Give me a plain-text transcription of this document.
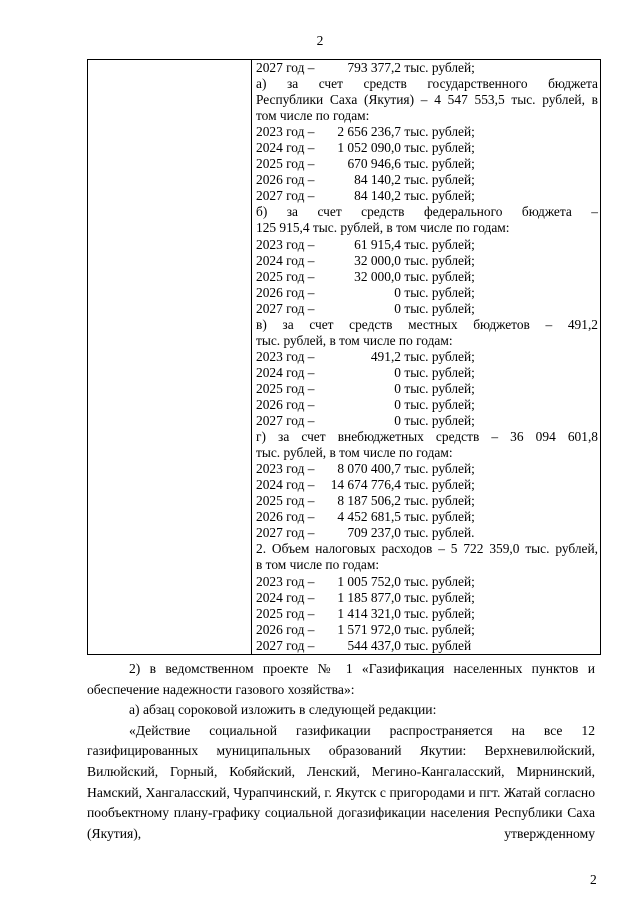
2

2027 год – 793 377,2 тыс. рублей;
а) за счет средств государственного бюджета
Республики Саха (Якутия) – 4 547 553,5 тыс. рублей, в
том числе по годам:
2023 год – 2 656 236,7 тыс. рублей;
2024 год – 1 052 090,0 тыс. рублей;
2025 год – 670 946,6 тыс. рублей;
2026 год –	84 140,2 тыс. рублей;
2027 год –	84 140,2 тыс. рублей;
б) за счет средств федерального бюджета –
125 915,4 тыс. рублей, в том числе по годам:
2023 год –	61 915,4 тыс. рублей;
2024 год –	32 000,0 тыс. рублей;
2025 год –	32 000,0 тыс. рублей;
2026 год –	0 тыс. рублей;
2027 год –	0 тыс. рублей;
в) за счет средств местных бюджетов – 491,2
тыс. рублей, в том числе по годам:
2023 год –	491,2 тыс. рублей;
2024 год –	0 тыс. рублей;
2025 год –	0 тыс. рублей;
2026 год –	0 тыс. рублей;
2027 год –	0 тыс. рублей;
г) за счет внебюджетных средств – 36 094 601,8
тыс. рублей, в том числе по годам:
2023 год – 8 070 400,7 тыс. рублей;
2024 год – 14 674 776,4 тыс. рублей;
2025 год – 8 187 506,2 тыс. рублей;
2026 год – 4 452 681,5 тыс. рублей;
2027 год – 709 237,0 тыс. рублей.
2. Объем налоговых расходов – 5 722 359,0 тыс. рублей,
в том числе по годам:
2023 год – 1 005 752,0 тыс. рублей;
2024 год – 1 185 877,0 тыс. рублей;
2025 год – 1 414 321,0 тыс. рублей;
2026 год – 1 571 972,0 тыс. рублей;
2027 год – 544 437,0 тыс. рублей
2) в ведомственном проекте № 1 «Газификация населенных пунктов и обеспечение надежности газового хозяйства»:
а) абзац сороковой изложить в следующей редакции:
«Действие социальной газификации распространяется на все 12 газифицированных муниципальных образований Якутии: Верхневилюйский, Вилюйский, Горный, Кобяйский, Ленский, Мегино-Кангаласский, Мирнинский, Намский, Хангаласский, Чурапчинский, г. Якутск с пригородами и пгт. Жатай согласно пообъектному плану-графику социальной догазификации населения Республики Саха (Якутия), утвержденному
2
